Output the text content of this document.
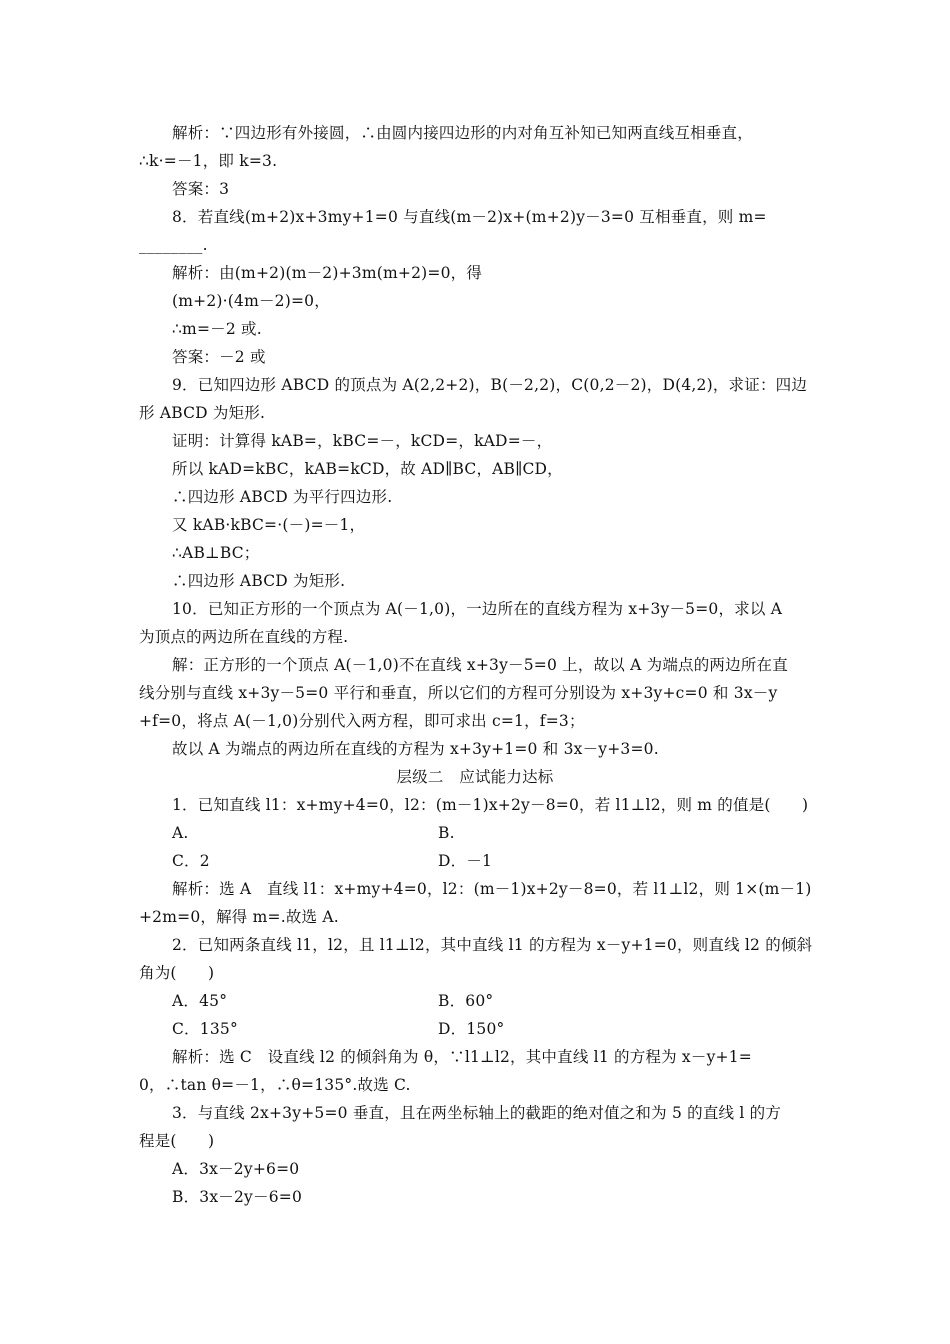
解析：∵四边形有外接圆，∴由圆内接四边形的内对角互补知已知两直线互相垂直，
∴k·=－1，即 k=3.
答案：3
8．若直线(m+2)x+3my+1=0 与直线(m－2)x+(m+2)y－3=0 互相垂直，则 m=
________.
解析：由(m+2)(m－2)+3m(m+2)=0，得
(m+2)·(4m－2)=0，
∴m=－2 或.
答案：－2 或
9．已知四边形 ABCD 的顶点为 A(2,2+2)，B(－2,2)，C(0,2－2)，D(4,2)，求证：四边
形 ABCD 为矩形.
证明：计算得 kAB=，kBC=－，kCD=，kAD=－，
所以 kAD=kBC，kAB=kCD，故 AD∥BC，AB∥CD，
∴四边形 ABCD 为平行四边形.
又 kAB·kBC=·(－)=－1，
∴AB⊥BC；
∴四边形 ABCD 为矩形.
10．已知正方形的一个顶点为 A(－1,0)，一边所在的直线方程为 x+3y－5=0，求以 A
为顶点的两边所在直线的方程.
解：正方形的一个顶点 A(－1,0)不在直线 x+3y－5=0 上，故以 A 为端点的两边所在直
线分别与直线 x+3y－5=0 平行和垂直，所以它们的方程可分别设为 x+3y+c=0 和 3x－y
+f=0，将点 A(－1,0)分别代入两方程，即可求出 c=1，f=3；
故以 A 为端点的两边所在直线的方程为 x+3y+1=0 和 3x－y+3=0.
层级二　应试能力达标
1．已知直线 l1：x+my+4=0，l2：(m－1)x+2y－8=0，若 l1⊥l2，则 m 的值是(　　)
A.	B.
C．2	D．－1
解析：选 A　直线 l1：x+my+4=0，l2：(m－1)x+2y－8=0，若 l1⊥l2，则 1×(m－1)
+2m=0，解得 m=.故选 A.
2．已知两条直线 l1，l2，且 l1⊥l2，其中直线 l1 的方程为 x－y+1=0，则直线 l2 的倾斜
角为(　　)
A．45°	B．60°
C．135°	D．150°
解析：选 C　设直线 l2 的倾斜角为 θ，∵l1⊥l2，其中直线 l1 的方程为 x－y+1=
0，∴tan θ=－1，∴θ=135°.故选 C.
3．与直线 2x+3y+5=0 垂直，且在两坐标轴上的截距的绝对值之和为 5 的直线 l 的方
程是(　　)
A．3x－2y+6=0
B．3x－2y－6=0
